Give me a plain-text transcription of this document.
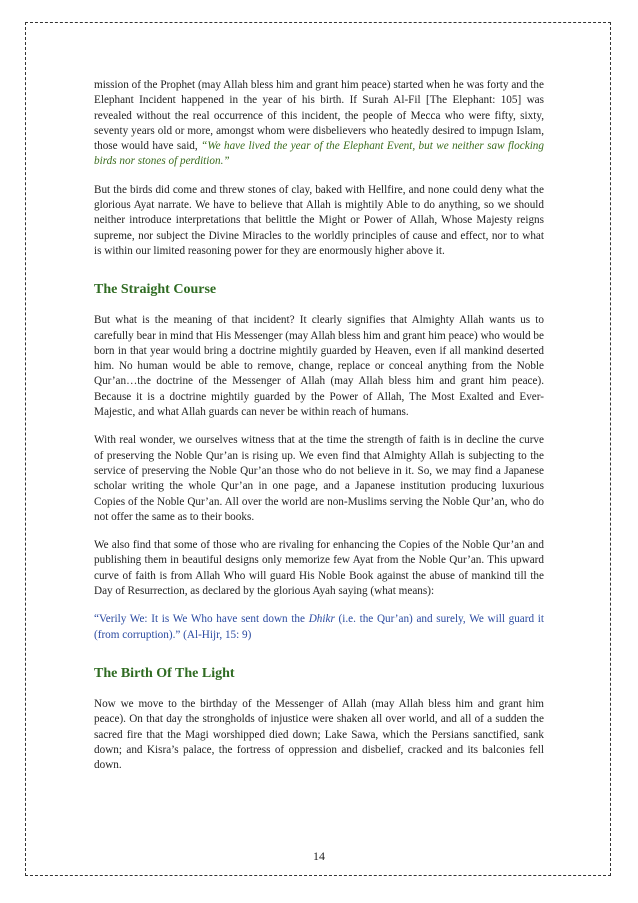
mission of the Prophet (may Allah bless him and grant him peace) started when he was forty and the Elephant Incident happened in the year of his birth. If Surah Al-Fil [The Elephant: 105] was revealed without the real occurrence of this incident, the people of Mecca who were fifty, sixty, seventy years old or more, amongst whom were disbelievers who heatedly desired to impugn Islam, those would have said, “We have lived the year of the Elephant Event, but we neither saw flocking birds nor stones of perdition.”

But the birds did come and threw stones of clay, baked with Hellfire, and none could deny what the glorious Ayat narrate. We have to believe that Allah is mightily Able to do anything, so we should neither introduce interpretations that belittle the Might or Power of Allah, Whose Majesty reigns supreme, nor subject the Divine Miracles to the worldly principles of cause and effect, nor to what is within our limited reasoning power for they are enormously higher above it.

The Straight Course

But what is the meaning of that incident? It clearly signifies that Almighty Allah wants us to carefully bear in mind that His Messenger (may Allah bless him and grant him peace) who would be born in that year would bring a doctrine mightily guarded by Heaven, even if all mankind deserted him. No human would be able to remove, change, replace or conceal anything from the Noble Qur’an…the doctrine of the Messenger of Allah (may Allah bless him and grant him peace). Because it is a doctrine mightily guarded by the Power of Allah, The Most Exalted and Ever-Majestic, and what Allah guards can never be within reach of humans.

With real wonder, we ourselves witness that at the time the strength of faith is in decline the curve of preserving the Noble Qur’an is rising up. We even find that Almighty Allah is subjecting to the service of preserving the Noble Qur’an those who do not believe in it. So, we may find a Japanese scholar writing the whole Qur’an in one page, and a Japanese institution producing luxurious Copies of the Noble Qur’an. All over the world are non-Muslims serving the Noble Qur’an, who do not offer the same as to their books.

We also find that some of those who are rivaling for enhancing the Copies of the Noble Qur’an and publishing them in beautiful designs only memorize few Ayat from the Noble Qur’an. This upward curve of faith is from Allah Who will guard His Noble Book against the abuse of mankind till the Day of Resurrection, as declared by the glorious Ayah saying (what means):

“Verily We: It is We Who have sent down the Dhikr (i.e. the Qur’an) and surely, We will guard it (from corruption).” (Al-Hijr, 15: 9)

The Birth Of The Light

Now we move to the birthday of the Messenger of Allah (may Allah bless him and grant him peace). On that day the strongholds of injustice were shaken all over world, and all of a sudden the sacred fire that the Magi worshipped died down; Lake Sawa, which the Persians sanctified, sank down; and Kisra’s palace, the fortress of oppression and disbelief, cracked and its balconies fell down.

14
